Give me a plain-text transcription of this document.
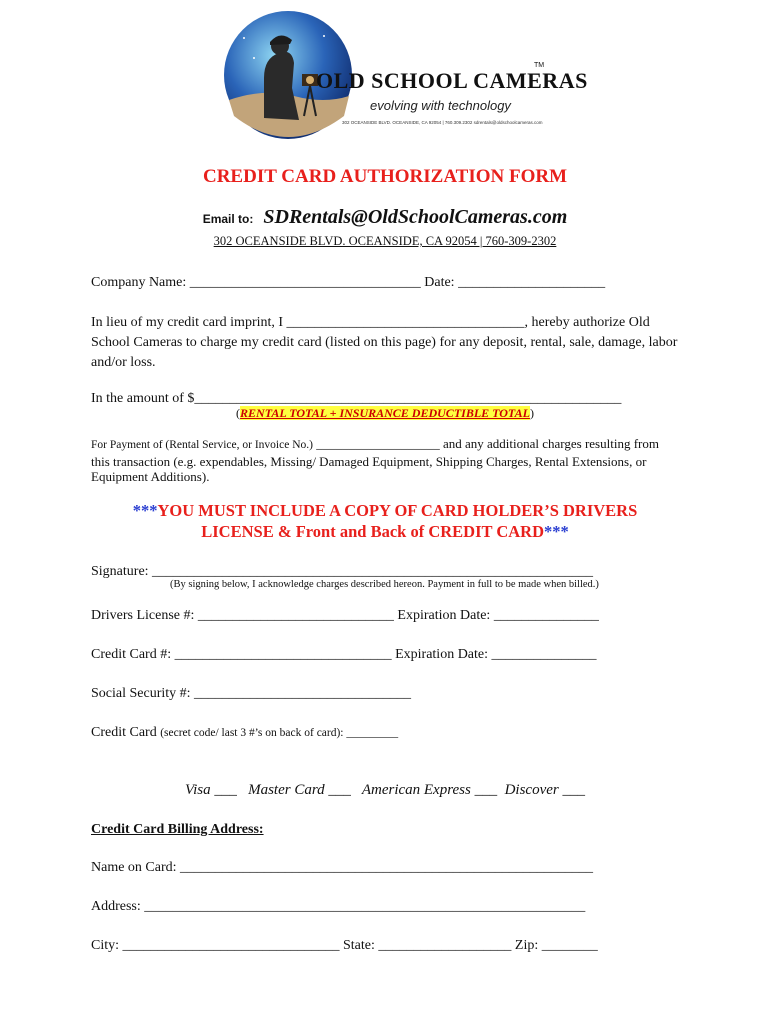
OLD SCHOOL CAMERAS
TM
evolving with technology
302 OCEANSIDE BLVD. OCEANSIDE, CA 92054 | 760.309.2302 sdrentals@oldschoolcameras.com
CREDIT CARD AUTHORIZATION FORM
Email to: SDRentals@OldSchoolCameras.com
302 OCEANSIDE BLVD. OCEANSIDE, CA 92054 | 760-309-2302
Company Name: _________________________________ Date: _____________________
In lieu of my credit card imprint, I __________________________________, hereby authorize Old School Cameras to charge my credit card (listed on this page) for any deposit, rental, sale, damage, labor and/or loss.
In the amount of $_____________________________________________________________
(RENTAL TOTAL + INSURANCE DEDUCTIBLE TOTAL)
For Payment of (Rental Service, or Invoice No.) ___________________ and any additional charges resulting from this transaction (e.g. expendables, Missing/ Damaged Equipment, Shipping Charges, Rental Extensions, or Equipment Additions).
***YOU MUST INCLUDE A COPY OF CARD HOLDER’S DRIVERS
LICENSE & Front and Back of CREDIT CARD***
Signature: _______________________________________________________________
(By signing below, I acknowledge charges described hereon. Payment in full to be made when billed.)
Drivers License #: ____________________________ Expiration Date: _______________
Credit Card #: _______________________________ Expiration Date: _______________
Social Security #: _______________________________
Credit Card (secret code/ last 3 #’s on back of card): _________
Visa ___   Master Card ___   American Express ___  Discover ___
Credit Card Billing Address:
Name on Card: ___________________________________________________________
Address: _______________________________________________________________
City: _______________________________ State: ___________________ Zip: ________
